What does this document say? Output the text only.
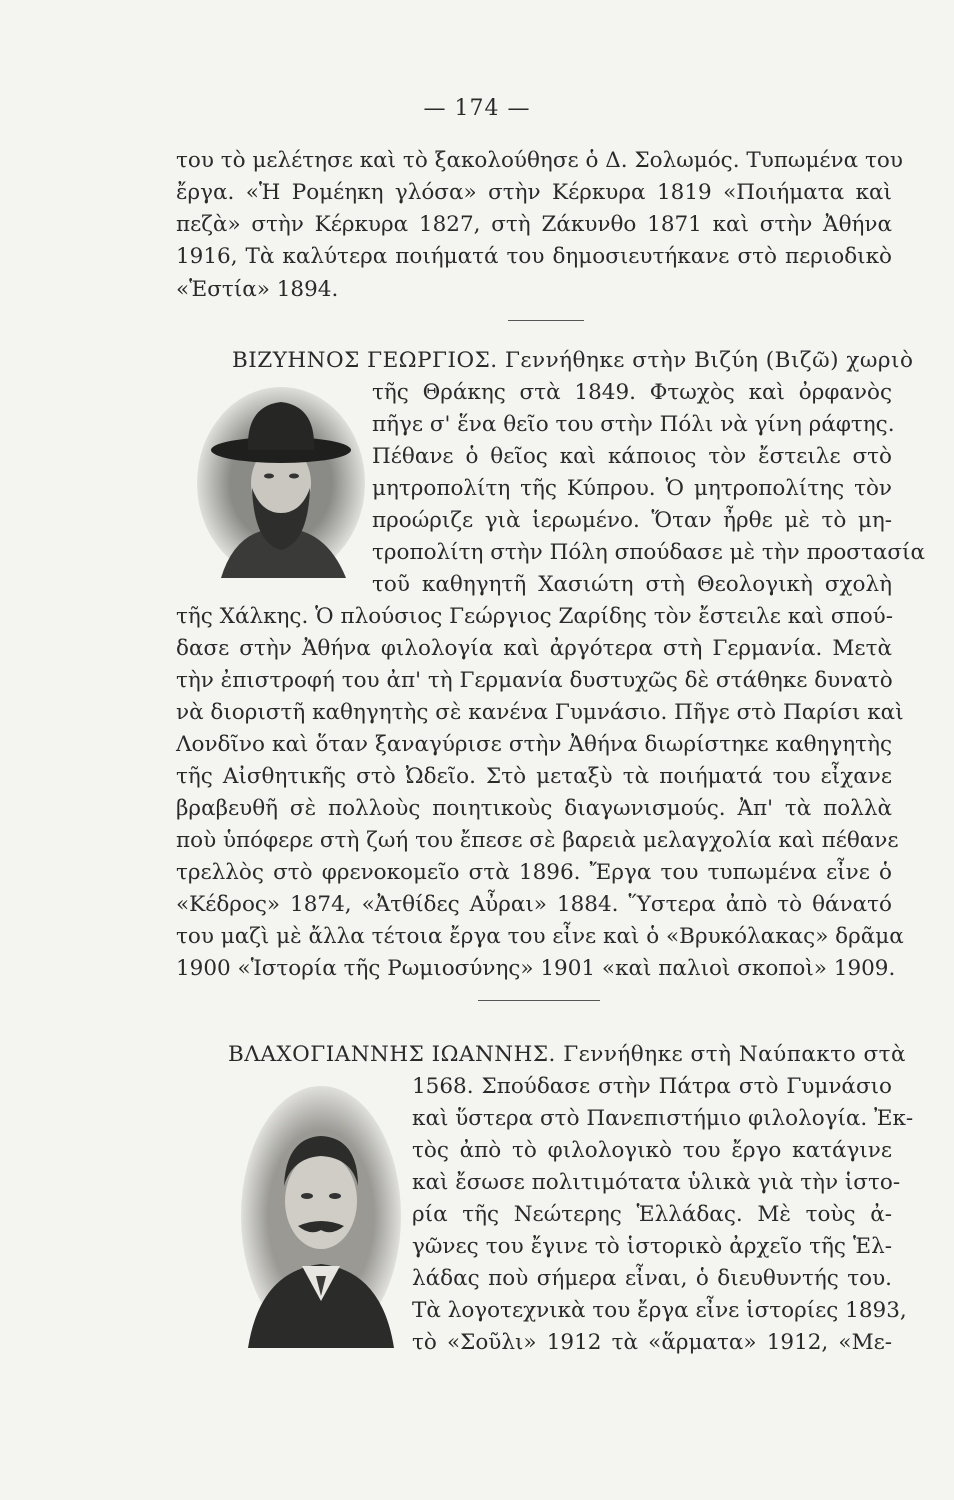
— 174 —
του τὸ μελέτησε καὶ τὸ ξακολούθησε ὁ Δ. Σολωμός. Τυπωμένα του
ἔργα. «Ἡ Ρομέηκη γλόσα» στὴν Κέρκυρα 1819 «Ποιήματα καὶ
πεζὰ» στὴν Κέρκυρα 1827, στὴ Ζάκυνθο 1871 καὶ στὴν Ἀθήνα
1916, Τὰ καλύτερα ποιήματά του δημοσιευτήκανε στὸ περιοδικὸ
«Ἑστία» 1894.
ΒΙΖΥΗΝΟΣ ΓΕΩΡΓΙΟΣ. Γεννήθηκε στὴν Βιζύη (Βιζῶ) χωριὸ
τῆς Θράκης στὰ 1849. Φτωχὸς καὶ ὀρφανὸς
πῆγε σ' ἕνα θεῖο του στὴν Πόλι νὰ γίνη ράφτης.
Πέθανε ὁ θεῖος καὶ κάποιος τὸν ἔστειλε στὸ
μητροπολίτη τῆς Κύπρου. Ὁ μητροπολίτης τὸν
προώριζε γιὰ ἱερωμένο. Ὅταν ἦρθε μὲ τὸ μη-
τροπολίτη στὴν Πόλη σπούδασε μὲ τὴν προστασία
τοῦ καθηγητῆ Χασιώτη στὴ Θεολογικὴ σχολὴ
τῆς Χάλκης. Ὁ πλούσιος Γεώργιος Ζαρίδης τὸν ἔστειλε καὶ σπού-
δασε στὴν Ἀθήνα φιλολογία καὶ ἀργότερα στὴ Γερμανία. Μετὰ
τὴν ἐπιστροφή του ἀπ' τὴ Γερμανία δυστυχῶς δὲ στάθηκε δυνατὸ
νὰ διοριστῆ καθηγητὴς σὲ κανένα Γυμνάσιο. Πῆγε στὸ Παρίσι καὶ
Λονδῖνο καὶ ὅταν ξαναγύρισε στὴν Ἀθήνα διωρίστηκε καθηγητὴς
τῆς Αἰσθητικῆς στὸ Ὠδεῖο. Στὸ μεταξὺ τὰ ποιήματά του εἶχανε
βραβευθῆ σὲ πολλοὺς ποιητικοὺς διαγωνισμούς. Ἀπ' τὰ πολλὰ
ποὺ ὑπόφερε στὴ ζωή του ἔπεσε σὲ βαρειὰ μελαγχολία καὶ πέθανε
τρελλὸς στὸ φρενοκομεῖο στὰ 1896. Ἔργα του τυπωμένα εἶνε ὁ
«Κέδρος» 1874, «Ἀτθίδες Αὖραι» 1884. Ὕστερα ἀπὸ τὸ θάνατό
του μαζὶ μὲ ἄλλα τέτοια ἔργα του εἶνε καὶ ὁ «Βρυκόλακας» δρᾶμα
1900 «Ἱστορία τῆς Ρωμιοσύνης» 1901 «καὶ παλιοὶ σκοποὶ» 1909.
ΒΛΑΧΟΓΙΑΝΝΗΣ ΙΩΑΝΝΗΣ. Γεννήθηκε στὴ Ναύπακτο στὰ
1568. Σπούδασε στὴν Πάτρα στὸ Γυμνάσιο
καὶ ὕστερα στὸ Πανεπιστήμιο φιλολογία. Ἐκ-
τὸς ἀπὸ τὸ φιλολογικὸ του ἔργο κατάγινε
καὶ ἔσωσε πολιτιμότατα ὑλικὰ γιὰ τὴν ἱστο-
ρία τῆς Νεώτερης Ἑλλάδας. Μὲ τοὺς ἀ-
γῶνες του ἔγινε τὸ ἱστορικὸ ἀρχεῖο τῆς Ἑλ-
λάδας ποὺ σήμερα εἶναι, ὁ διευθυντής του.
Τὰ λογοτεχνικὰ του ἔργα εἶνε ἱστορίες 1893,
τὸ «Σοῦλι» 1912 τὰ «ἅρματα» 1912, «Με-
